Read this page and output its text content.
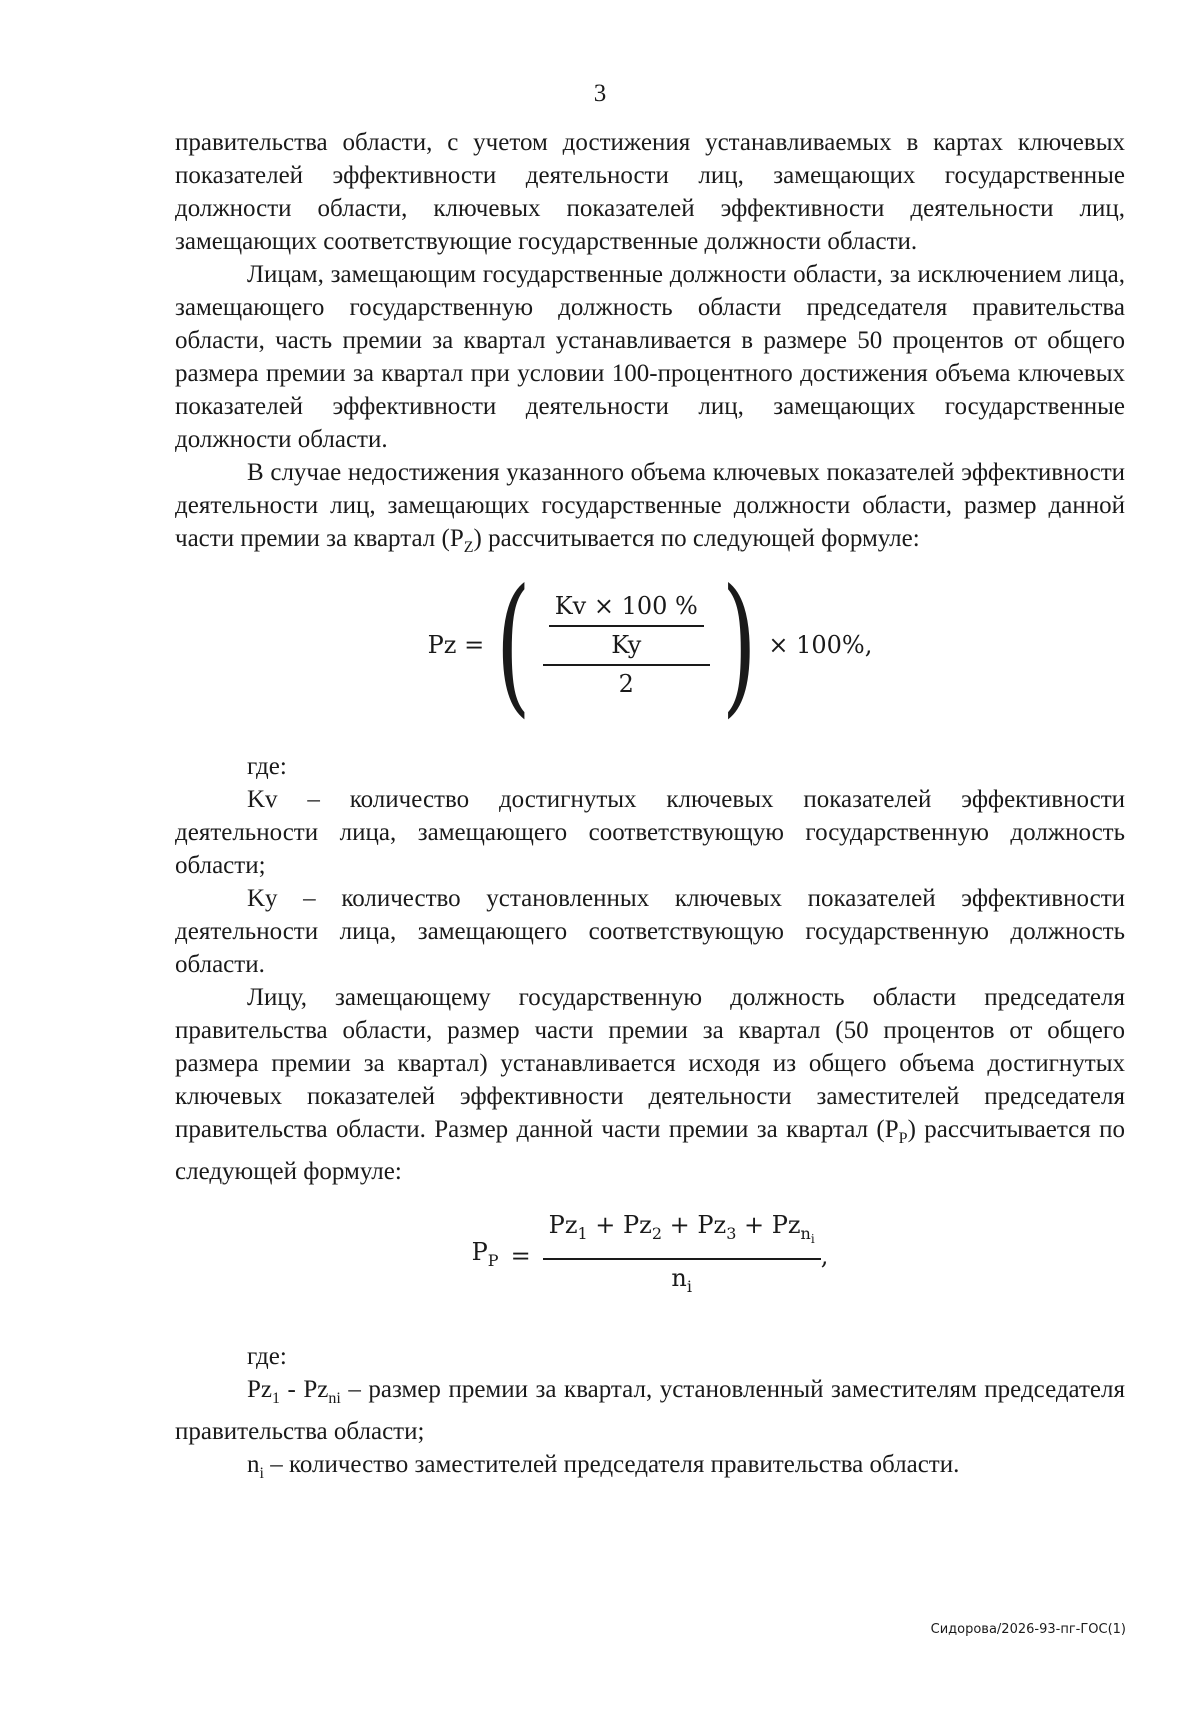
3

правительства области, с учетом достижения устанавливаемых в картах ключевых показателей эффективности деятельности лиц, замещающих государственные должности области, ключевых показателей эффективности деятельности лиц, замещающих соответствующие государственные должности области.

Лицам, замещающим государственные должности области, за исключением лица, замещающего государственную должность области председателя правительства области, часть премии за квартал устанавливается в размере 50 процентов от общего размера премии за квартал при условии 100-процентного достижения объема ключевых показателей эффективности деятельности лиц, замещающих государственные должности области.

В случае недостижения указанного объема ключевых показателей эффективности деятельности лиц, замещающих государственные должности области, размер данной части премии за квартал $(P_Z)$ рассчитывается по следующей формуле:

Pz = ( $\frac{\frac{Kv \times 100 \%}{Ky}}{2}$ ) × 100%,

где:

Kv – количество достигнутых ключевых показателей эффективности деятельности лица, замещающего соответствующую государственную должность области;

Ky – количество установленных ключевых показателей эффективности деятельности лица, замещающего соответствующую государственную должность области.

Лицу, замещающему государственную должность области председателя правительства области, размер части премии за квартал (50 процентов от общего размера премии за квартал) устанавливается исходя из общего объема достигнутых ключевых показателей эффективности деятельности заместителей председателя правительства области. Размер данной части премии за квартал $(P_P)$ рассчитывается по следующей формуле:

$P_P = \frac{Pz_1 + Pz_2 + Pz_3 + Pz_{n_i}}{n_i}$ ,

где:

$Pz_1 - Pz_{ni}$ – размер премии за квартал, установленный заместителям председателя правительства области;

$n_i$ – количество заместителей председателя правительства области.

Сидорова/2026-93-пг-ГОС(1)
